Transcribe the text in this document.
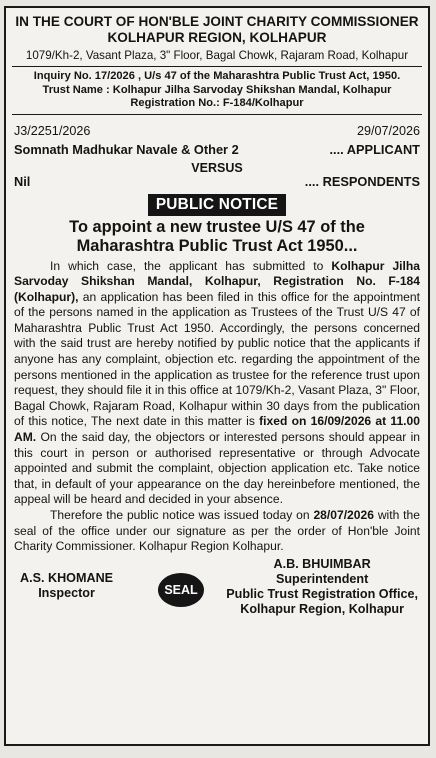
IN THE COURT OF HON'BLE JOINT CHARITY COMMISSIONER
KOLHAPUR REGION, KOLHAPUR
1079/Kh-2, Vasant Plaza, 3" Floor, Bagal Chowk, Rajaram Road, Kolhapur
Inquiry No. 17/2026 , U/s 47 of the Maharashtra Public Trust Act, 1950.
Trust Name : Kolhapur Jilha Sarvoday Shikshan Mandal, Kolhapur
Registration No.: F-184/Kolhapur
J3/2251/2026	29/07/2026
Somnath Madhukar Navale & Other 2	.... APPLICANT
VERSUS
Nil	.... RESPONDENTS
PUBLIC NOTICE
To appoint a new trustee U/S 47 of the
Maharashtra Public Trust Act 1950...

In which case, the applicant has submitted to Kolhapur Jilha Sarvoday Shikshan Mandal, Kolhapur, Registration No. F-184 (Kolhapur), an application has been filed in this office for the appointment of the persons named in the application as Trustees of the Trust U/S 47 of Maharashtra Public Trust Act 1950. Accordingly, the persons concerned with the said trust are hereby notified by public notice that the applicants if anyone has any complaint, objection etc. regarding the appointment of the persons mentioned in the application as trustee for the reference trust upon request, they should file it in this office at 1079/Kh-2, Vasant Plaza, 3" Floor, Bagal Chowk, Rajaram Road, Kolhapur within 30 days from the publication of this notice, The next date in this matter is fixed on 16/09/2026 at 11.00 AM. On the said day, the objectors or interested persons should appear in this court in person or authorised representative or through Advocate appointed and submit the complaint, objection application etc. Take notice that, in default of your appearance on the day hereinbefore mentioned, the appeal will be heard and decided in your absence.

Therefore the public notice was issued today on 28/07/2026 with the seal of the office under our signature as per the order of Hon'ble Joint Charity Commissioner. Kolhapur Region Kolhapur.

A.S. KHOMANE
Inspector	SEAL
A.B. BHUIMBAR
Superintendent
Public Trust Registration Office,
Kolhapur Region, Kolhapur
